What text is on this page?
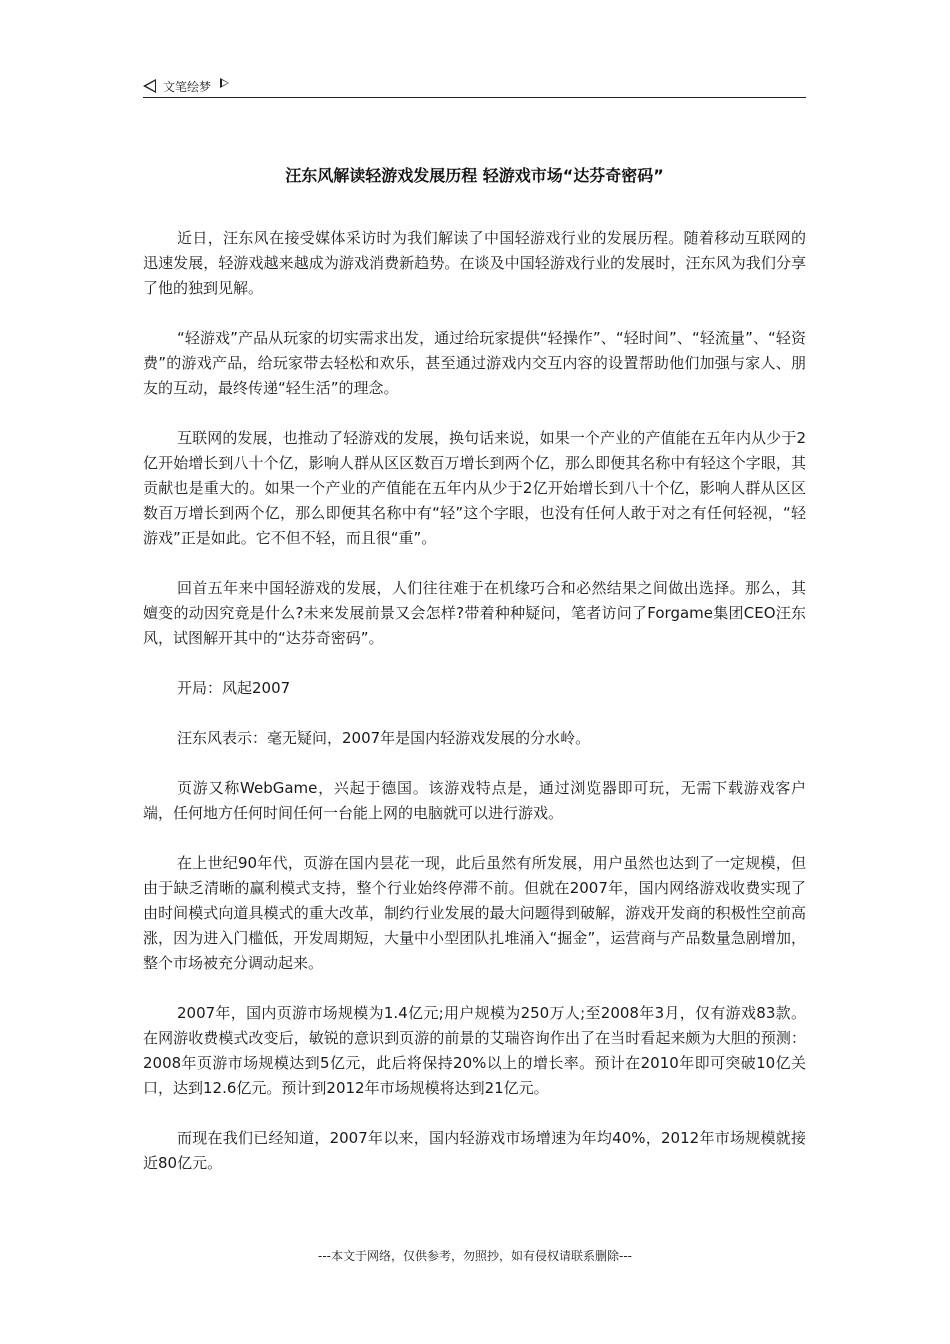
文笔绘梦
汪东风解读轻游戏发展历程 轻游戏市场“达芬奇密码”

近日，汪东风在接受媒体采访时为我们解读了中国轻游戏行业的发展历程。随着移动互联网的迅速发展，轻游戏越来越成为游戏消费新趋势。在谈及中国轻游戏行业的发展时，汪东风为我们分享了他的独到见解。

“轻游戏”产品从玩家的切实需求出发，通过给玩家提供“轻操作”、“轻时间”、“轻流量”、“轻资费”的游戏产品，给玩家带去轻松和欢乐，甚至通过游戏内交互内容的设置帮助他们加强与家人、朋友的互动，最终传递“轻生活”的理念。

互联网的发展，也推动了轻游戏的发展，换句话来说，如果一个产业的产值能在五年内从少于2亿开始增长到八十个亿，影响人群从区区数百万增长到两个亿，那么即便其名称中有轻这个字眼，其贡献也是重大的。如果一个产业的产值能在五年内从少于2亿开始增长到八十个亿，影响人群从区区数百万增长到两个亿，那么即便其名称中有“轻”这个字眼，也没有任何人敢于对之有任何轻视，“轻游戏”正是如此。它不但不轻，而且很“重”。

回首五年来中国轻游戏的发展，人们往往难于在机缘巧合和必然结果之间做出选择。那么，其嬗变的动因究竟是什么?未来发展前景又会怎样?带着种种疑问，笔者访问了Forgame集团CEO汪东风，试图解开其中的“达芬奇密码”。

开局：风起2007

汪东风表示：毫无疑问，2007年是国内轻游戏发展的分水岭。

页游又称WebGame，兴起于德国。该游戏特点是，通过浏览器即可玩，无需下载游戏客户端，任何地方任何时间任何一台能上网的电脑就可以进行游戏。

在上世纪90年代，页游在国内昙花一现，此后虽然有所发展，用户虽然也达到了一定规模，但由于缺乏清晰的赢利模式支持，整个行业始终停滞不前。但就在2007年，国内网络游戏收费实现了由时间模式向道具模式的重大改革，制约行业发展的最大问题得到破解，游戏开发商的积极性空前高涨，因为进入门槛低，开发周期短，大量中小型团队扎堆涌入“掘金”，运营商与产品数量急剧增加，整个市场被充分调动起来。

2007年，国内页游市场规模为1.4亿元;用户规模为250万人;至2008年3月，仅有游戏83款。在网游收费模式改变后，敏锐的意识到页游的前景的艾瑞咨询作出了在当时看起来颇为大胆的预测：2008年页游市场规模达到5亿元，此后将保持20%以上的增长率。预计在2010年即可突破10亿关口，达到12.6亿元。预计到2012年市场规模将达到21亿元。

而现在我们已经知道，2007年以来，国内轻游戏市场增速为年均40%，2012年市场规模就接近80亿元。

---本文于网络，仅供参考，勿照抄，如有侵权请联系删除---
